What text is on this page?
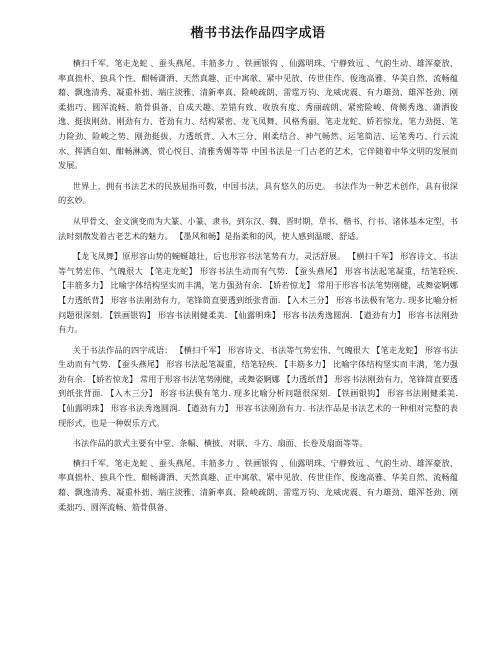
楷书书法作品四字成语

横扫千军、笔走龙蛇 、蚕头燕尾、丰筋多力 、铁画银钩 、仙露明珠、宁静致远 、气韵生动、雄浑豪放、率真拙朴、独具个性、酣畅潇洒、天然真趣、正中寓欹、紧中见放、传世佳作、俊逸高雅、华美自然、流畅蕴藉、飘逸清秀、凝重朴拙、端庄淡雅、清新率真、险峻疏朗、雷霆万钧、龙威虎震、有力雄劲、雄浑苍劲、刚柔拙巧、圆浑流畅、筋骨俱备、自成天趣、差错有致、收放有度、秀丽疏朗、紧密险峻、倚侧秀逸、潇洒俊逸、挺拔刚劲、刚劲有力、苍劲有力、结构紧密、龙飞凤舞、风格秀丽、笔走龙蛇、娇若惊龙、笔力劲挺、笔力险劲、险峻之势、刚劲挺拔、力透纸背、入木三分、刚柔结合、神气畅然、运笔简洁、运笔秀巧、行云流水、挥洒自如、酣畅淋漓、赏心悦目、清雅秀媚等等 中国书法是一门古老的艺术，它伴随着中华文明的发展而发展。

世界上，拥有书法艺术的民族屈指可数，中国书法，具有悠久的历史。 书法作为一种艺术创作，具有很深的玄妙。

从甲骨文、金文演变而为大篆、小篆、隶书，到东汉、魏、晋时期，草书、楷书、行书、诸体基本定型，书法时刻散发着古老艺术的魅力。 【墨风和畅】是指柔和的风，使人感到温暖、舒适。

【龙飞凤舞】原形容山势的蜿蜒雄壮，后也形容书法笔势有力，灵活舒展。 【横扫千军】 形容诗文、书法等气势宏伟、气魄很大 【笔走龙蛇】 形容书法生动而有气势. 【蚕头燕尾】 形容书法起笔凝重，结笔轻疾. 【丰筋多力】 比喻字体结构坚实而丰满，笔力强劲有余. 【娇若惊龙】 常用于形容书法笔势刚健，或舞姿婀娜 【力透纸背】 形容书法刚劲有力，笔锋简直要透到纸张背面. 【入木三分】 形容书法极有笔力. 现多比喻分析问题很深刻. 【铁画银钩】 形容书法刚健柔美. 【仙露明珠】 形容书法秀逸圆润. 【遒劲有力】 形容书法刚劲有力。

关于书法作品的四字成语： 【横扫千军】 形容诗文、书法等气势宏伟、气魄很大 【笔走龙蛇】 形容书法生动而有气势. 【蚕头燕尾】 形容书法起笔凝重，结笔轻疾. 【丰筋多力】 比喻字体结构坚实而丰满，笔力强劲有余. 【娇若惊龙】 常用于形容书法笔势刚健，或舞姿婀娜 【力透纸背】 形容书法刚劲有力，笔锋简直要透到纸张背面. 【入木三分】 形容书法极有笔力. 现多比喻分析问题很深刻. 【铁画银钩】 形容书法刚健柔美. 【仙露明珠】 形容书法秀逸圆润. 【遒劲有力】 形容书法刚劲有力. 书法作品是书法艺术的一种相对完整的表现形式，也是一种娱乐方式。

书法作品的款式主要有中堂、条幅、横披、对联、斗方、扇面、长卷及扇面等等。

横扫千军、笔走龙蛇 、蚕头燕尾、丰筋多力 、铁画银钩 、仙露明珠、宁静致远 、气韵生动、雄浑豪放、率真拙朴、独具个性、酣畅潇洒、天然真趣、正中寓欹、紧中见放、传世佳作、俊逸高雅、华美自然、流畅蕴藉、飘逸清秀、凝重朴拙、端庄淡雅、清新率真、险峻疏朗、雷霆万钧、龙威虎震、有力雄劲、雄浑苍劲、刚柔拙巧、圆浑流畅、筋骨俱备、
